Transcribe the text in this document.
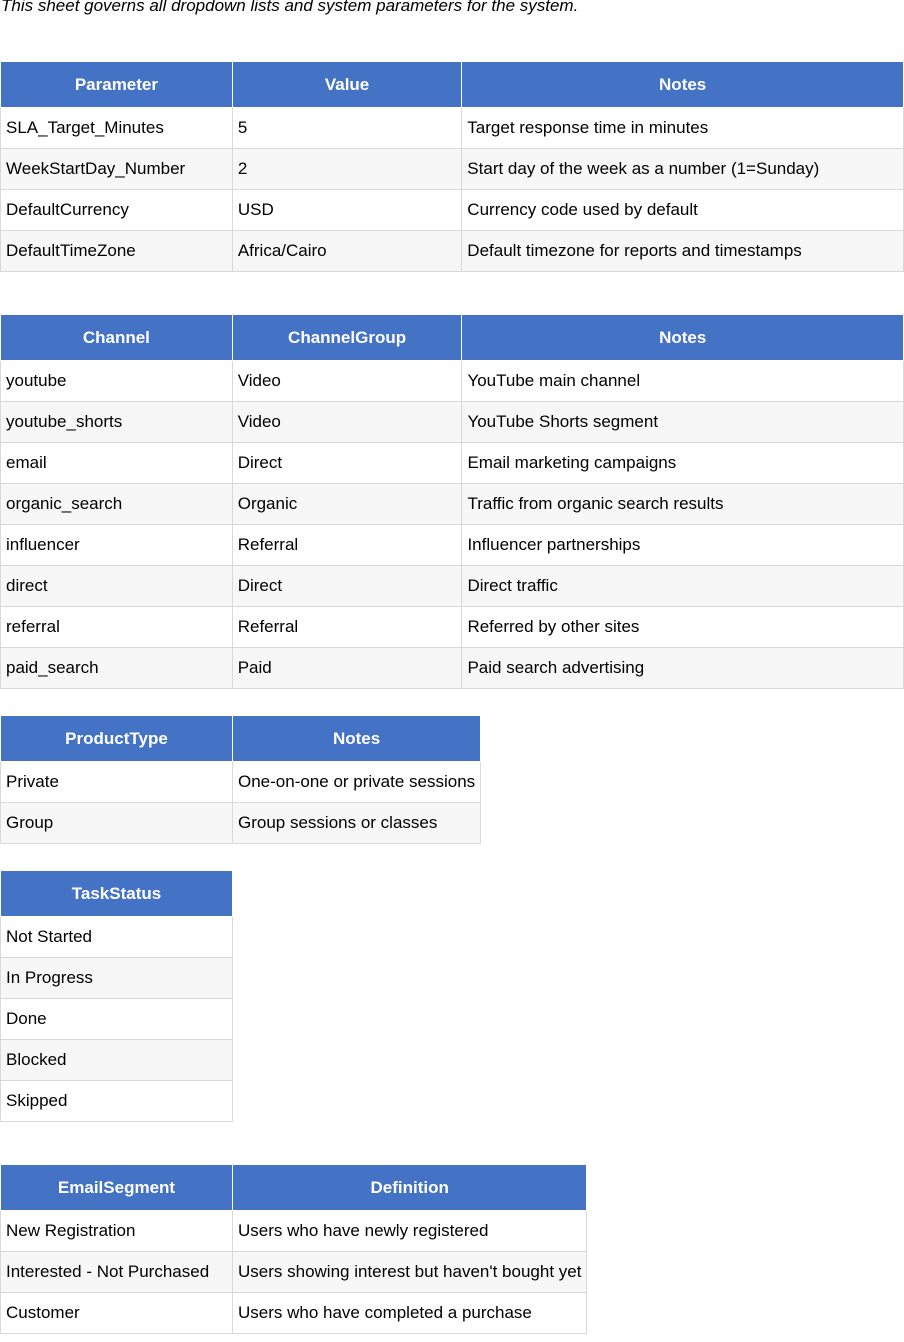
This sheet governs all dropdown lists and system parameters for the system.
Parameter	Value	Notes
SLA_Target_Minutes	5	Target response time in minutes
WeekStartDay_Number	2	Start day of the week as a number (1=Sunday)
DefaultCurrency	USD	Currency code used by default
DefaultTimeZone	Africa/Cairo	Default timezone for reports and timestamps
Channel	ChannelGroup	Notes
youtube	Video	YouTube main channel
youtube_shorts	Video	YouTube Shorts segment
email	Direct	Email marketing campaigns
organic_search	Organic	Traffic from organic search results
influencer	Referral	Influencer partnerships
direct	Direct	Direct traffic
referral	Referral	Referred by other sites
paid_search	Paid	Paid search advertising
ProductType	Notes
Private	One-on-one or private sessions
Group	Group sessions or classes
TaskStatus
Not Started
In Progress
Done
Blocked
Skipped
EmailSegment	Definition
New Registration	Users who have newly registered
Interested - Not Purchased	Users showing interest but haven't bought yet
Customer	Users who have completed a purchase
